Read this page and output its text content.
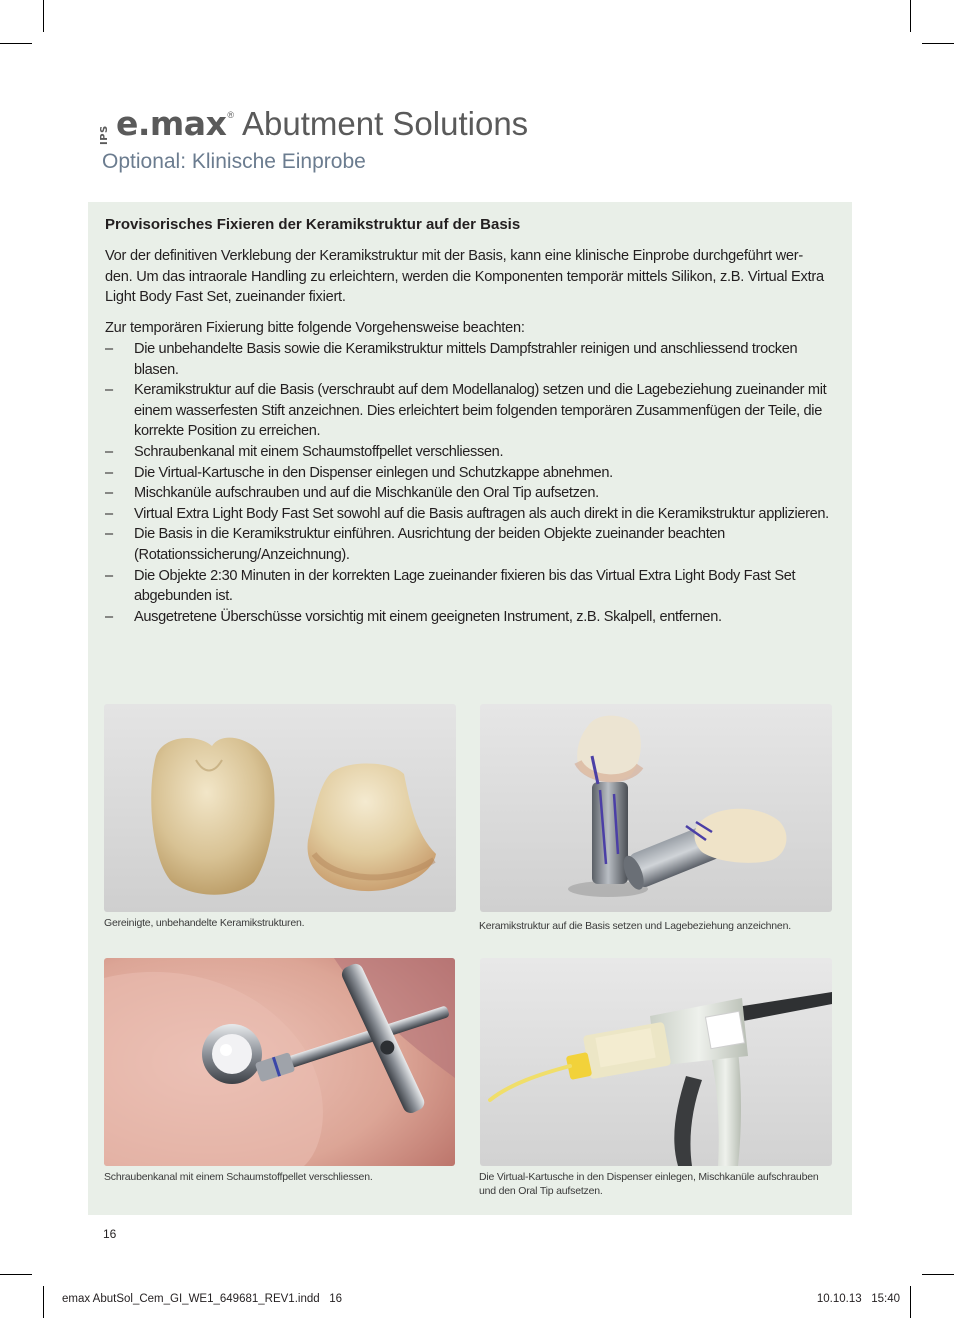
IPS e.max ® Abutment Solutions
Optional: Klinische Einprobe
Provisorisches Fixieren der Keramikstruktur auf der Basis

Vor der definitiven Verklebung der Keramikstruktur mit der Basis, kann eine klinische Einprobe durchgeführt wer-den. Um das intraorale Handling zu erleichtern, werden die Komponenten temporär mittels Silikon, z.B. Virtual Extra Light Body Fast Set, zueinander fixiert.

Zur temporären Fixierung bitte folgende Vorgehensweise beachten:

– Die unbehandelte Basis sowie die Keramikstruktur mittels Dampfstrahler reinigen und anschliessend trocken blasen.
– Keramikstruktur auf die Basis (verschraubt auf dem Modellanalog) setzen und die Lagebeziehung zueinander mit einem wasserfesten Stift anzeichnen. Dies erleichtert beim folgenden temporären Zusammenfügen der Teile, die korrekte Position zu erreichen.
– Schraubenkanal mit einem Schaumstoffpellet verschliessen.
– Die Virtual-Kartusche in den Dispenser einlegen und Schutzkappe abnehmen.
– Mischkanüle aufschrauben und auf die Mischkanüle den Oral Tip aufsetzen.
– Virtual Extra Light Body Fast Set sowohl auf die Basis auftragen als auch direkt in die Keramikstruktur applizieren.
– Die Basis in die Keramikstruktur einführen. Ausrichtung der beiden Objekte zueinander beachten (Rotationssicherung/Anzeichnung).
– Die Objekte 2:30 Minuten in der korrekten Lage zueinander fixieren bis das Virtual Extra Light Body Fast Set abgebunden ist.
– Ausgetretene Überschüsse vorsichtig mit einem geeigneten Instrument, z.B. Skalpell, entfernen.
Gereinigte, unbehandelte Keramikstrukturen.	Keramikstruktur auf die Basis setzen und Lagebeziehung anzeichnen.
Schraubenkanal mit einem Schaumstoffpellet verschliessen.	Die Virtual-Kartusche in den Dispenser einlegen, Mischkanüle aufschrauben und den Oral Tip aufsetzen.
16
emax AbutSol_Cem_GI_WE1_649681_REV1.indd   16	10.10.13   15:40
